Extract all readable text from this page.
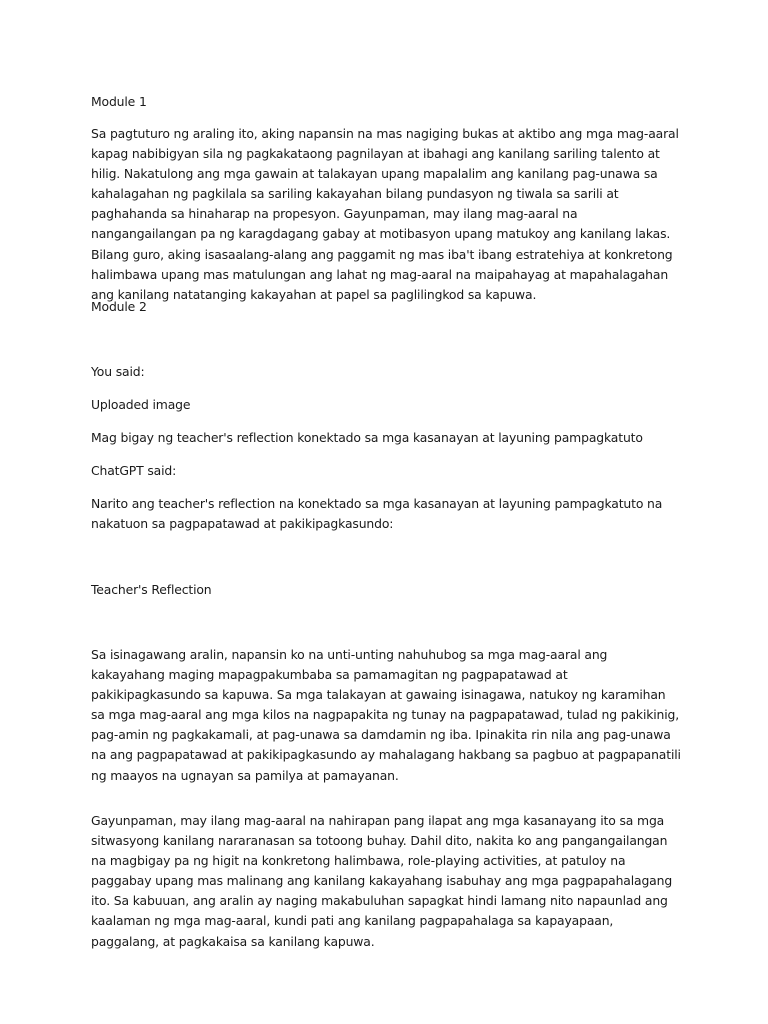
Module 1

Sa pagtuturo ng araling ito, aking napansin na mas nagiging bukas at aktibo ang mga mag-aaral kapag nabibigyan sila ng pagkakataong pagnilayan at ibahagi ang kanilang sariling talento at hilig. Nakatulong ang mga gawain at talakayan upang mapalalim ang kanilang pag-unawa sa kahalagahan ng pagkilala sa sariling kakayahan bilang pundasyon ng tiwala sa sarili at paghahanda sa hinaharap na propesyon. Gayunpaman, may ilang mag-aaral na nangangailangan pa ng karagdagang gabay at motibasyon upang matukoy ang kanilang lakas. Bilang guro, aking isasaalang-alang ang paggamit ng mas iba't ibang estratehiya at konkretong halimbawa upang mas matulungan ang lahat ng mag-aaral na maipahayag at mapahalagahan ang kanilang natatanging kakayahan at papel sa paglilingkod sa kapuwa.

Module 2

You said:

Uploaded image

Mag bigay ng teacher's reflection konektado sa mga kasanayan at layuning pampagkatuto

ChatGPT said:

Narito ang teacher's reflection na konektado sa mga kasanayan at layuning pampagkatuto na nakatuon sa pagpapatawad at pakikipagkasundo:

Teacher's Reflection

Sa isinagawang aralin, napansin ko na unti-unting nahuhubog sa mga mag-aaral ang kakayahang maging mapagpakumbaba sa pamamagitan ng pagpapatawad at pakikipagkasundo sa kapuwa. Sa mga talakayan at gawaing isinagawa, natukoy ng karamihan sa mga mag-aaral ang mga kilos na nagpapakita ng tunay na pagpapatawad, tulad ng pakikinig, pag-amin ng pagkakamali, at pag-unawa sa damdamin ng iba. Ipinakita rin nila ang pag-unawa na ang pagpapatawad at pakikipagkasundo ay mahalagang hakbang sa pagbuo at pagpapanatili ng maayos na ugnayan sa pamilya at pamayanan.

Gayunpaman, may ilang mag-aaral na nahirapan pang ilapat ang mga kasanayang ito sa mga sitwasyong kanilang nararanasan sa totoong buhay. Dahil dito, nakita ko ang pangangailangan na magbigay pa ng higit na konkretong halimbawa, role-playing activities, at patuloy na paggabay upang mas malinang ang kanilang kakayahang isabuhay ang mga pagpapahalagang ito. Sa kabuuan, ang aralin ay naging makabuluhan sapagkat hindi lamang nito napaunlad ang kaalaman ng mga mag-aaral, kundi pati ang kanilang pagpapahalaga sa kapayapaan, paggalang, at pagkakaisa sa kanilang kapuwa.
